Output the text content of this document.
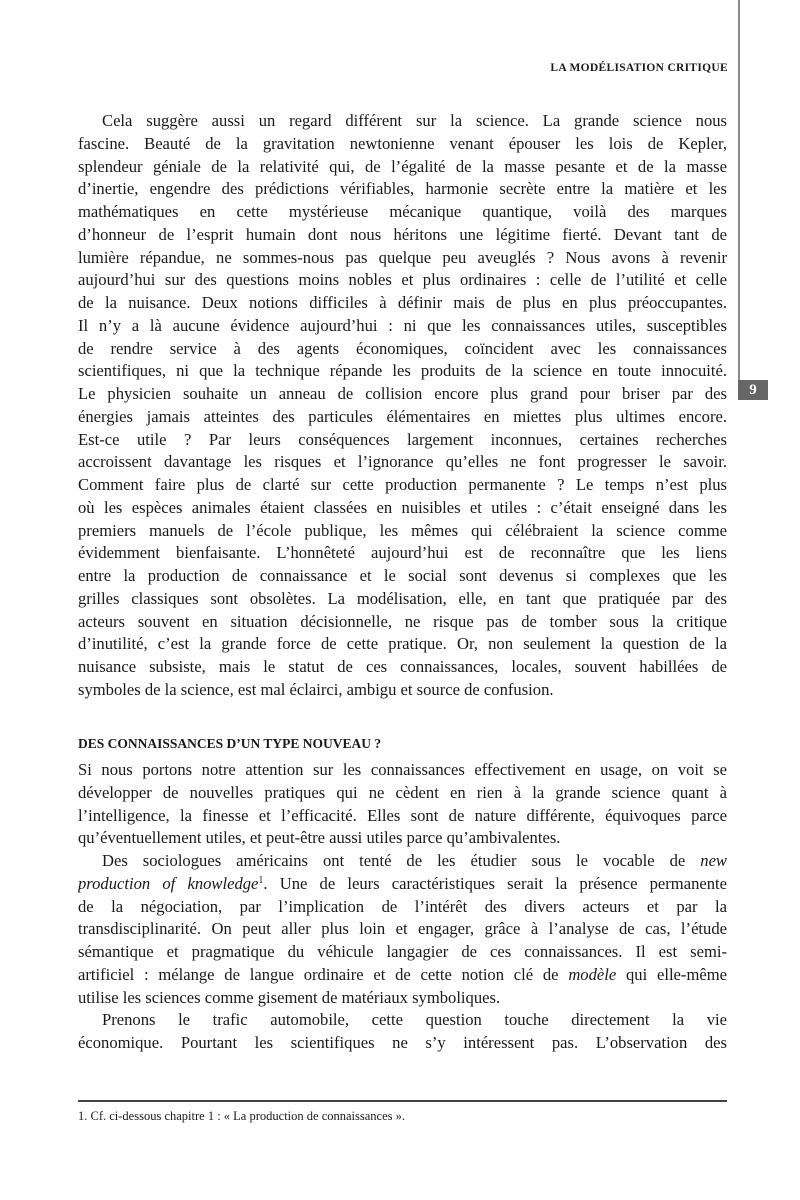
9
LA MODÉLISATION CRITIQUE
Cela suggère aussi un regard différent sur la science. La grande science nous
fascine. Beauté de la gravitation newtonienne venant épouser les lois de Kepler,
splendeur géniale de la relativité qui, de l’égalité de la masse pesante et de la masse
d’inertie, engendre des prédictions vérifiables, harmonie secrète entre la matière et les
mathématiques en cette mystérieuse mécanique quantique, voilà des marques
d’honneur de l’esprit humain dont nous héritons une légitime fierté. Devant tant de
lumière répandue, ne sommes-nous pas quelque peu aveuglés ? Nous avons à revenir
aujourd’hui sur des questions moins nobles et plus ordinaires : celle de l’utilité et celle
de la nuisance. Deux notions difficiles à définir mais de plus en plus préoccupantes.
Il n’y a là aucune évidence aujourd’hui : ni que les connaissances utiles, susceptibles
de rendre service à des agents économiques, coïncident avec les connaissances
scientifiques, ni que la technique répande les produits de la science en toute innocuité.
Le physicien souhaite un anneau de collision encore plus grand pour briser par des
énergies jamais atteintes des particules élémentaires en miettes plus ultimes encore.
Est-ce utile ? Par leurs conséquences largement inconnues, certaines recherches
accroissent davantage les risques et l’ignorance qu’elles ne font progresser le savoir.
Comment faire plus de clarté sur cette production permanente ? Le temps n’est plus
où les espèces animales étaient classées en nuisibles et utiles : c’était enseigné dans les
premiers manuels de l’école publique, les mêmes qui célébraient la science comme
évidemment bienfaisante. L’honnêteté aujourd’hui est de reconnaître que les liens
entre la production de connaissance et le social sont devenus si complexes que les
grilles classiques sont obsolètes. La modélisation, elle, en tant que pratiquée par des
acteurs souvent en situation décisionnelle, ne risque pas de tomber sous la critique
d’inutilité, c’est la grande force de cette pratique. Or, non seulement la question de la
nuisance subsiste, mais le statut de ces connaissances, locales, souvent habillées de
symboles de la science, est mal éclairci, ambigu et source de confusion.
DES CONNAISSANCES D’UN TYPE NOUVEAU ?
Si nous portons notre attention sur les connaissances effectivement en usage, on voit se
développer de nouvelles pratiques qui ne cèdent en rien à la grande science quant à
l’intelligence, la finesse et l’efficacité. Elles sont de nature différente, équivoques parce
qu’éventuellement utiles, et peut-être aussi utiles parce qu’ambivalentes.
Des sociologues américains ont tenté de les étudier sous le vocable de new
production of knowledge$^1$. Une de leurs caractéristiques serait la présence permanente
de la négociation, par l’implication de l’intérêt des divers acteurs et par la
transdisciplinarité. On peut aller plus loin et engager, grâce à l’analyse de cas, l’étude
sémantique et pragmatique du véhicule langagier de ces connaissances. Il est semi-
artificiel : mélange de langue ordinaire et de cette notion clé de modèle qui elle-même
utilise les sciences comme gisement de matériaux symboliques.
Prenons le trafic automobile, cette question touche directement la vie
économique. Pourtant les scientifiques ne s’y intéressent pas. L’observation des
1. Cf. ci-dessous chapitre 1 : « La production de connaissances ».
